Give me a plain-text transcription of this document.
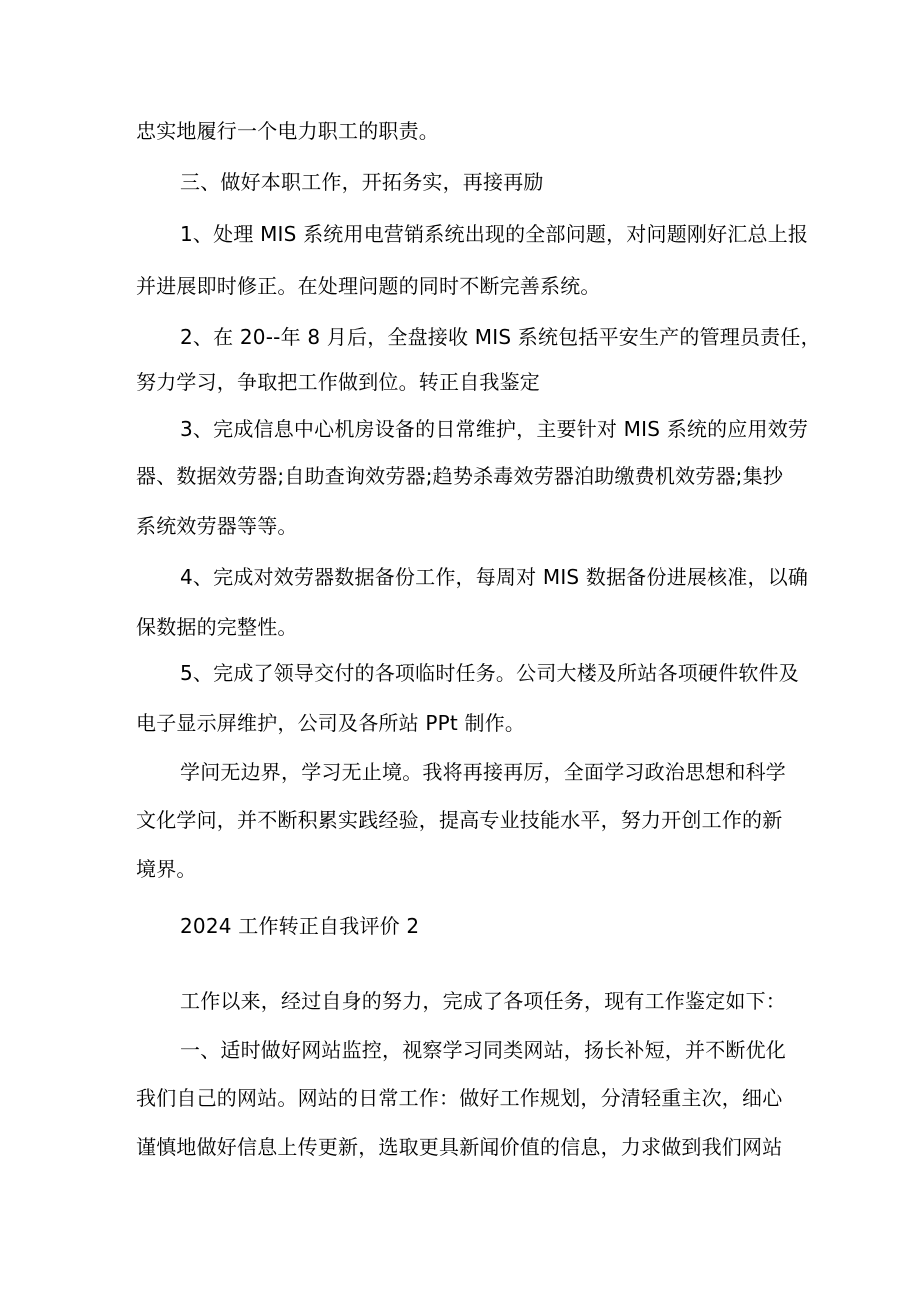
忠实地履行一个电力职工的职责。
三、做好本职工作，开拓务实，再接再励
1、处理 MIS 系统用电营销系统出现的全部问题，对问题刚好汇总上报
并进展即时修正。在处理问题的同时不断完善系统。
2、在 20--年 8 月后，全盘接收 MIS 系统包括平安生产的管理员责任，
努力学习，争取把工作做到位。转正自我鉴定
3、完成信息中心机房设备的日常维护，主要针对 MIS 系统的应用效劳
器、数据效劳器;自助查询效劳器;趋势杀毒效劳器泊助缴费机效劳器;集抄
系统效劳器等等。
4、完成对效劳器数据备份工作，每周对 MIS 数据备份进展核准，以确
保数据的完整性。
5、完成了领导交付的各项临时任务。公司大楼及所站各项硬件软件及
电子显示屏维护，公司及各所站 PPt 制作。
学问无边界，学习无止境。我将再接再厉，全面学习政治思想和科学
文化学问，并不断积累实践经验，提高专业技能水平，努力开创工作的新
境界。
2024 工作转正自我评价 2
工作以来，经过自身的努力，完成了各项任务，现有工作鉴定如下：
一、适时做好网站监控，视察学习同类网站，扬长补短，并不断优化
我们自己的网站。网站的日常工作：做好工作规划，分清轻重主次，细心
谨慎地做好信息上传更新，选取更具新闻价值的信息，力求做到我们网站
